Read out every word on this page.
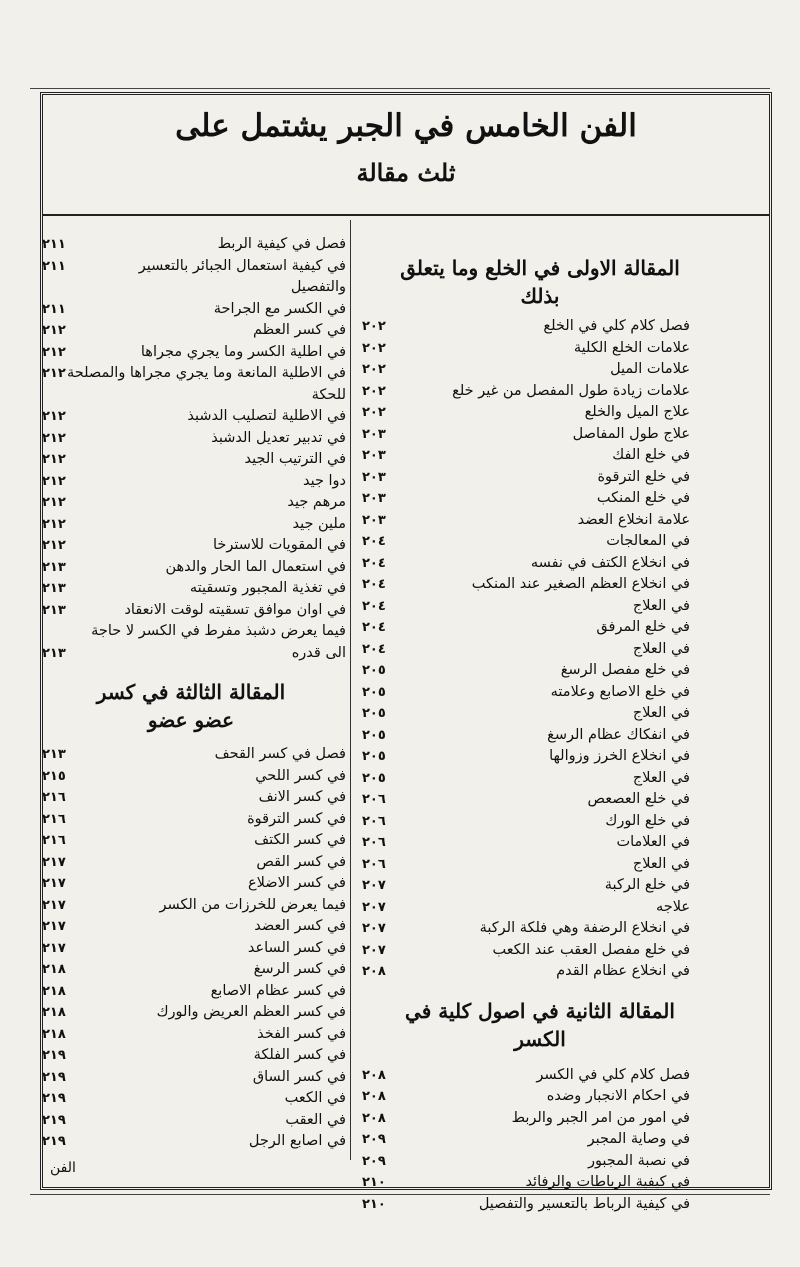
الفن الخامس في الجبر يشتمل على
ثلث مقالة
المقالة الاولى في الخلع وما يتعلق بذلك
فصل كلام كلي في الخلع
٢٠٢
علامات الخلع الكلية
٢٠٢
علامات الميل
٢٠٢
علامات زيادة طول المفصل من غير خلع
٢٠٢
علاج الميل والخلع
٢٠٢
علاج طول المفاصل
٢٠٣
في خلع الفك
٢٠٣
في خلع الترقوة
٢٠٣
في خلع المنكب
٢٠٣
علامة انخلاع العضد
٢٠٣
في المعالجات
٢٠٤
في انخلاع الكتف في نفسه
٢٠٤
في انخلاع العظم الصغير عند المنكب
٢٠٤
في العلاج
٢٠٤
في خلع المرفق
٢٠٤
في العلاج
٢٠٤
في خلع مفصل الرسغ
٢٠٥
في خلع الاصابع وعلامته
٢٠٥
في العلاج
٢٠٥
في انفكاك عظام الرسغ
٢٠٥
في انخلاع الخرز وزوالها
٢٠٥
في العلاج
٢٠٥
في خلع العصعص
٢٠٦
في خلع الورك
٢٠٦
في العلامات
٢٠٦
في العلاج
٢٠٦
في خلع الركبة
٢٠٧
علاجه
٢٠٧
في انخلاع الرضفة وهي فلكة الركبة
٢٠٧
في خلع مفصل العقب عند الكعب
٢٠٧
في انخلاع عظام القدم
٢٠٨
المقالة الثانية في اصول كلية في الكسر
فصل كلام كلي في الكسر
٢٠٨
في احكام الانجبار وضده
٢٠٨
في امور من امر الجبر والربط
٢٠٨
في وصاية المجبر
٢٠٩
في نصبة المجبور
٢٠٩
في كيفية الرباطات والرفائد
٢١٠
في كيفية الرباط بالتعسير والتفصيل
٢١٠
فصل في كيفية الربط
٢١١
في كيفية استعمال الجبائر بالتعسير
٢١١
والتفصيل
في الكسر مع الجراحة
٢١١
في كسر العظم
٢١٢
في اطلية الكسر وما يجري مجراها
٢١٢
في الاطلية المانعة وما يجري مجراها والمصلحة
٢١٢
للحكة
في الاطلية لتصليب الدشبذ
٢١٢
في تدبير تعديل الدشبذ
٢١٢
في الترتيب الجيد
٢١٢
دوا جيد
٢١٢
مرهم جيد
٢١٢
ملين جيد
٢١٢
في المقويات للاسترخا
٢١٢
في استعمال الما الحار والدهن
٢١٣
في تغذية المجبور وتسقيته
٢١٣
في اوان موافق تسقيته لوقت الانعقاد
٢١٣
فيما يعرض دشبذ مفرط في الكسر لا حاجة
الى قدره
٢١٣
المقالة الثالثة في كسر عضو عضو
فصل في كسر القحف
٢١٣
في كسر اللحي
٢١٥
في كسر الانف
٢١٦
في كسر الترقوة
٢١٦
في كسر الكتف
٢١٦
في كسر القص
٢١٧
في كسر الاضلاع
٢١٧
فيما يعرض للخرزات من الكسر
٢١٧
في كسر العضد
٢١٧
في كسر الساعد
٢١٧
في كسر الرسغ
٢١٨
في كسر عظام الاصابع
٢١٨
في كسر العظم العريض والورك
٢١٨
في كسر الفخذ
٢١٨
في كسر الفلكة
٢١٩
في كسر الساق
٢١٩
في الكعب
٢١٩
في العقب
٢١٩
في اصابع الرجل
٢١٩
الفن
